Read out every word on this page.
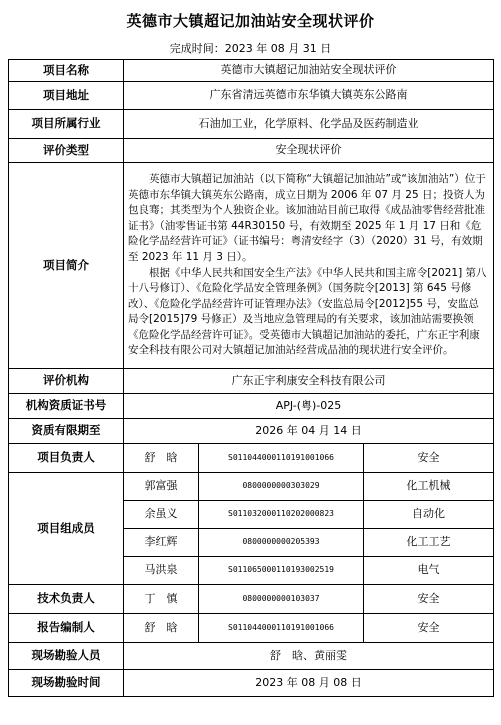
英德市大镇超记加油站安全现状评价
完成时间：2023 年 08 月 31 日
项目名称	英德市大镇超记加油站安全现状评价		
项目地址	广东省清远英德市东华镇大镇英东公路南		
项目所属行业	石油加工业，化学原料、化学品及医药制造业		
评价类型	安全现状评价		
项目简介	英德市大镇超记加油站（以下简称“大镇超记加油站”或“该加油站”）位于英德市东华镇大镇英东公路南，成立日期为 2006 年 07 月 25 日；投资人为包良骞；其类型为个人独资企业。该加油站目前已取得《成品油零售经营批准证书》（油零售证书第 44R30150 号，有效期至 2025 年 1 月 17 日和《危险化学品经营许可证》（证书编号：粤清安经字（3）（2020）31 号，有效期至 2023 年 11 月 3 日）。

根据《中华人民共和国安全生产法》《中华人民共和国主席令[2021] 第八十八号修订）、《危险化学品安全管理条例》（国务院令[2013] 第 645 号修改）、《危险化学品经营许可证管理办法》（安监总局令[2012]55 号，安监总局令[2015]79 号修正）及当地应急管理局的有关要求，该加油站需要换领《危险化学品经营许可证》。受英德市大镇超记加油站的委托，广东正宇利康安全科技有限公司对大镇超记加油站经营成品油的现状进行安全评价。		

评价机构	广东正宇利康安全科技有限公司		
机构资质证书号	APJ-(粤)-025		
资质有限期至	2026 年 04 月 14 日		
项目负责人	舒　晗	S011044000110191001066	安全
项目组成员	郭富强	0800000000303029	化工机械
	余虽义	S011032000110202000823	自动化
	李红辉	0800000000205393	化工工艺
	马洪泉	S011065000110193002519	电气
技术负责人	丁　慎	0800000000103037	安全
报告编制人	舒　晗	S011044000110191001066	安全
现场勘验人员	舒　晗、黄丽雯		
现场勘验时间	2023 年 08 月 08 日		
